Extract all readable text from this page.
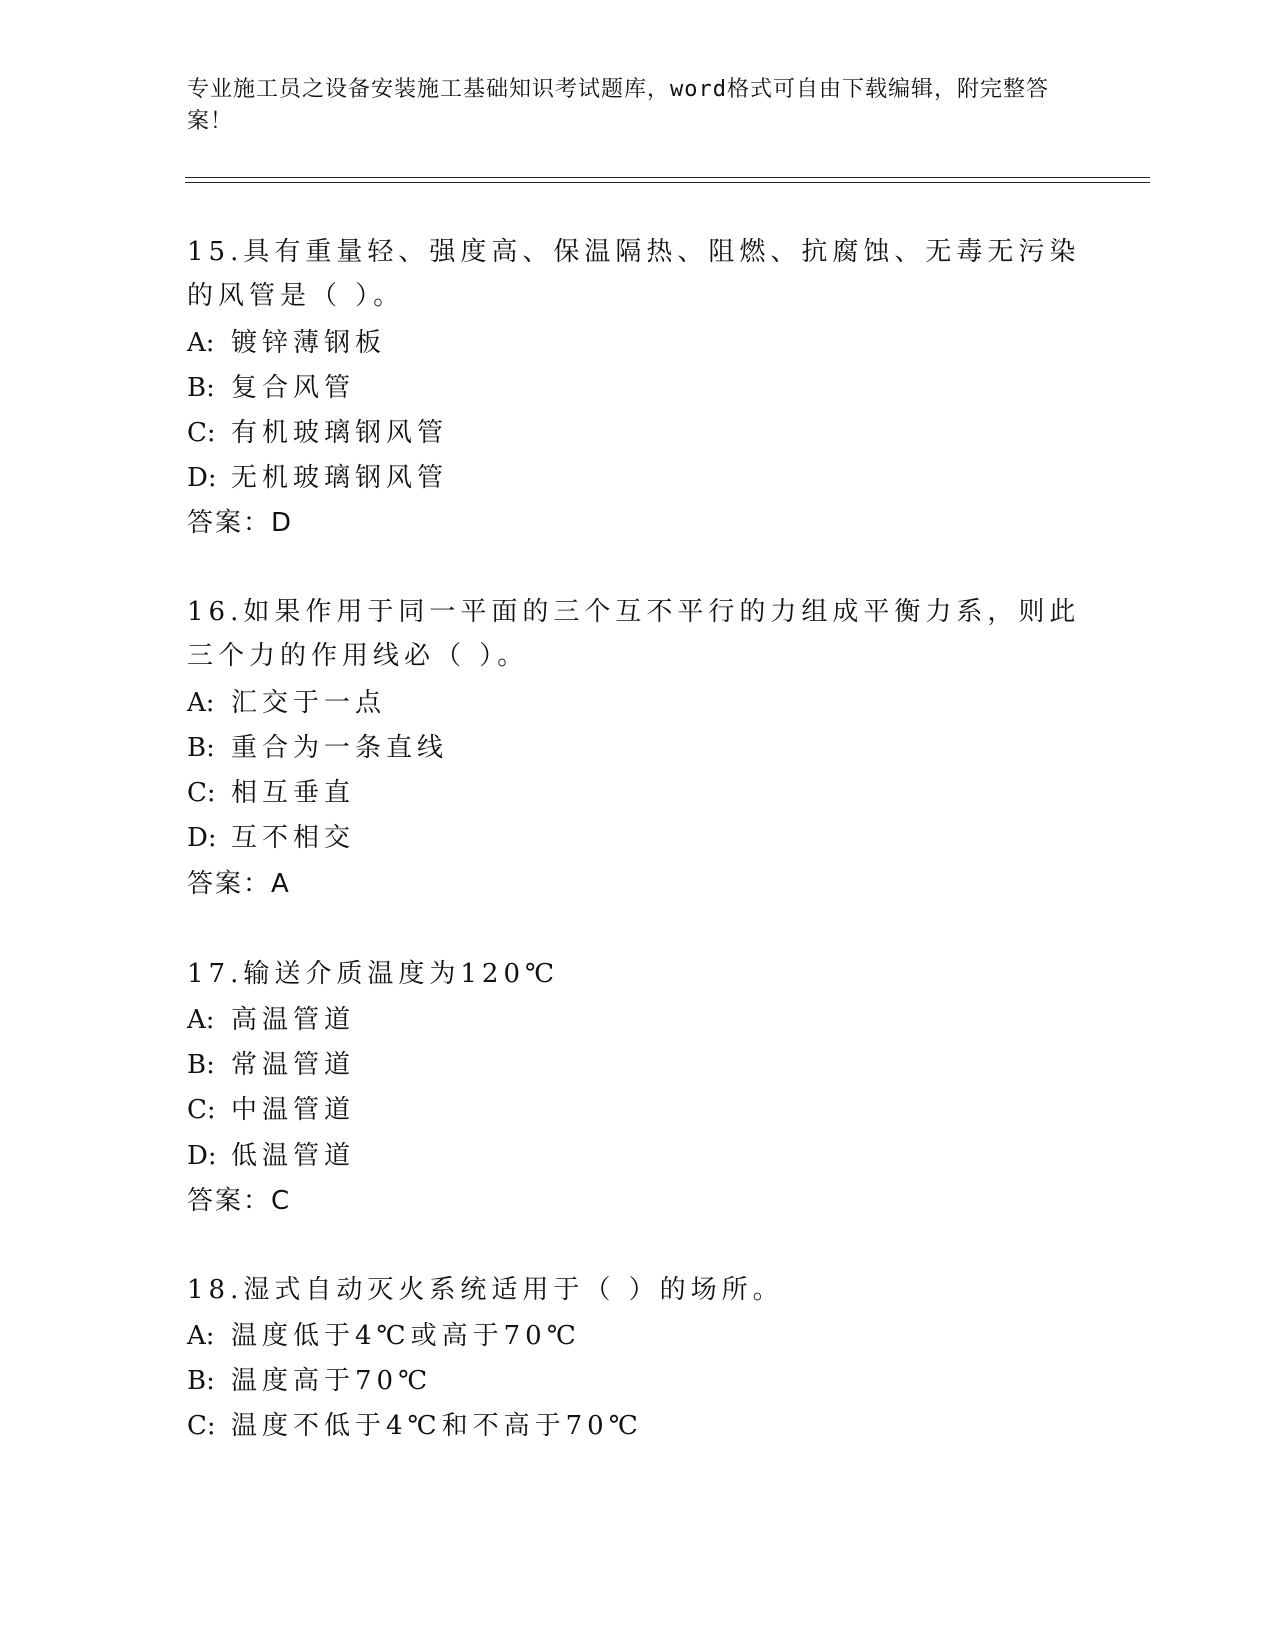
专业施工员之设备安装施工基础知识考试题库，word格式可自由下载编辑，附完整答案！
15.具有重量轻、强度高、保温隔热、阻燃、抗腐蚀、无毒无污染的风管是（ ）。
A: 镀锌薄钢板
B: 复合风管
C: 有机玻璃钢风管
D: 无机玻璃钢风管
答案：D
16.如果作用于同一平面的三个互不平行的力组成平衡力系，则此三个力的作用线必（ ）。
A: 汇交于一点
B: 重合为一条直线
C: 相互垂直
D: 互不相交
答案：A
17.输送介质温度为120℃
A: 高温管道
B: 常温管道
C: 中温管道
D: 低温管道
答案：C
18.湿式自动灭火系统适用于（ ）的场所。
A: 温度低于4℃或高于70℃
B: 温度高于70℃
C: 温度不低于4℃和不高于70℃
